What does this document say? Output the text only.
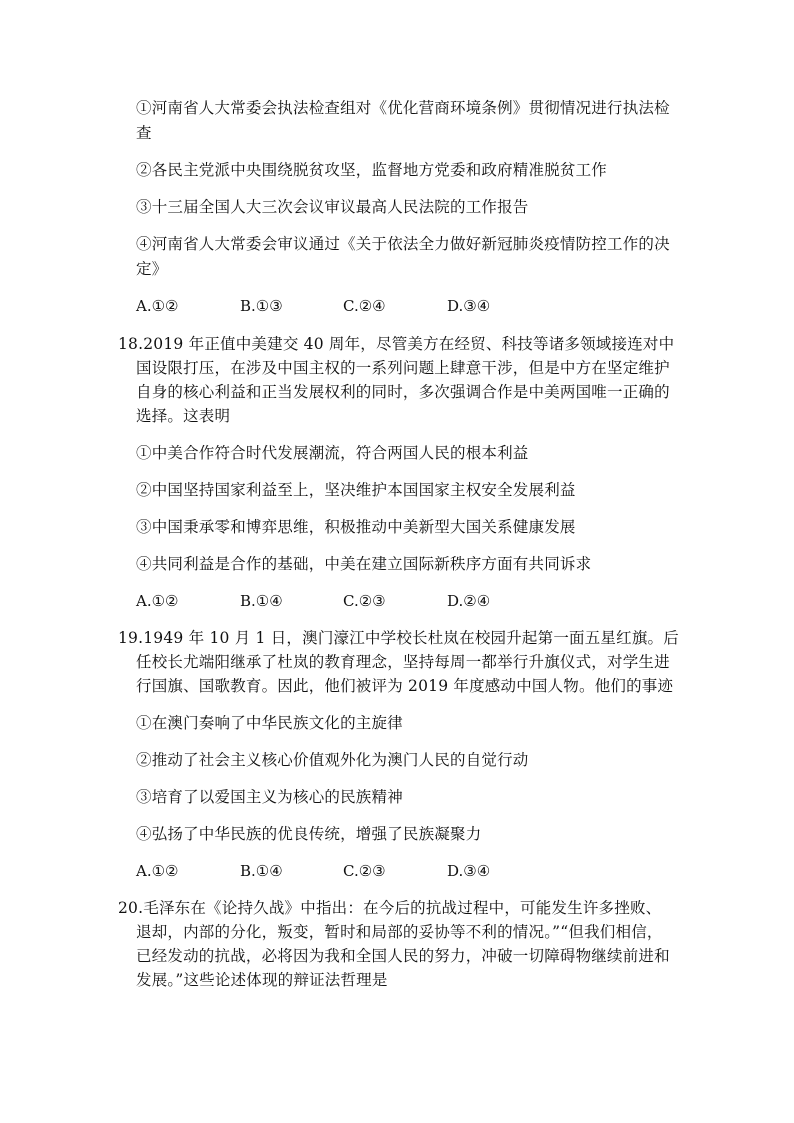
①河南省人大常委会执法检查组对《优化营商环境条例》贯彻情况进行执法检
查
②各民主党派中央围绕脱贫攻坚，监督地方党委和政府精准脱贫工作
③十三届全国人大三次会议审议最高人民法院的工作报告
④河南省人大常委会审议通过《关于依法全力做好新冠肺炎疫情防控工作的决
定》
A.①②	B.①③	C.②④	D.③④
18.2019 年正值中美建交 40 周年，尽管美方在经贸、科技等诸多领域接连对中
国设限打压，在涉及中国主权的一系列问题上肆意干涉，但是中方在坚定维护
自身的核心利益和正当发展权利的同时，多次强调合作是中美两国唯一正确的
选择。这表明
①中美合作符合时代发展潮流，符合两国人民的根本利益
②中国坚持国家利益至上，坚决维护本国国家主权安全发展利益
③中国秉承零和博弈思维，积极推动中美新型大国关系健康发展
④共同利益是合作的基础，中美在建立国际新秩序方面有共同诉求
A.①②	B.①④	C.②③	D.②④
19.1949 年 10 月 1 日，澳门濠江中学校长杜岚在校园升起第一面五星红旗。后
任校长尤端阳继承了杜岚的教育理念，坚持每周一都举行升旗仪式，对学生进
行国旗、国歌教育。因此，他们被评为 2019 年度感动中国人物。他们的事迹
①在澳门奏响了中华民族文化的主旋律
②推动了社会主义核心价值观外化为澳门人民的自觉行动
③培育了以爱国主义为核心的民族精神
④弘扬了中华民族的优良传统，增强了民族凝聚力
A.①②	B.①④	C.②③	D.③④
20.毛泽东在《论持久战》中指出：在今后的抗战过程中，可能发生许多挫败、
退却，内部的分化，叛变，暂时和局部的妥协等不利的情况。”“但我们相信，
已经发动的抗战，必将因为我和全国人民的努力，冲破一切障碍物继续前进和
发展。”这些论述体现的辩证法哲理是
